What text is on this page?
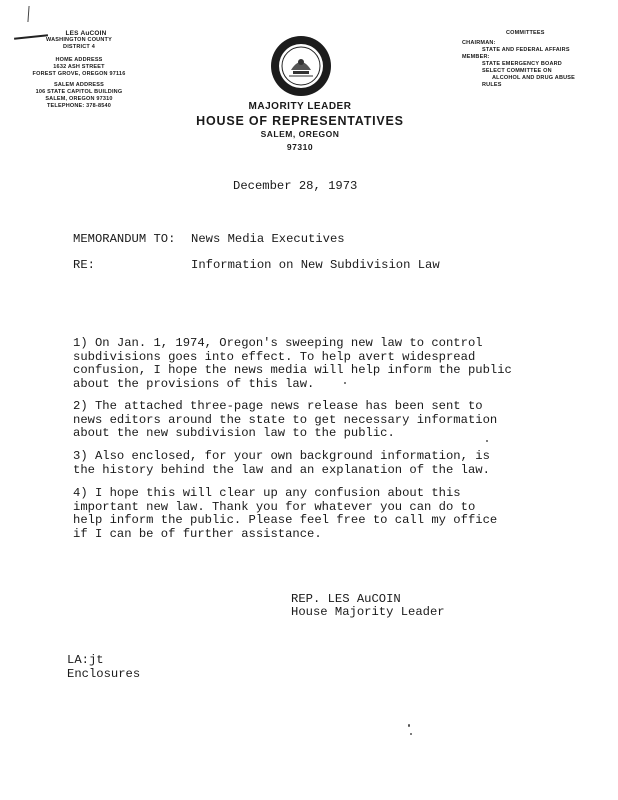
LES AuCOIN
WASHINGTON COUNTY
DISTRICT 4
HOME ADDRESS
1632 ASH STREET
FOREST GROVE, OREGON 97116
SALEM ADDRESS
106 STATE CAPITOL BUILDING
SALEM, OREGON 97310
TELEPHONE: 378-8540
COMMITTEES
CHAIRMAN:
STATE AND FEDERAL AFFAIRS
MEMBER:
STATE EMERGENCY BOARD
SELECT COMMITTEE ON
ALCOHOL AND DRUG ABUSE
RULES
MAJORITY LEADER
HOUSE OF REPRESENTATIVES
SALEM, OREGON
97310
December 28, 1973
MEMORANDUM TO: News Media Executives
RE:	Information on New Subdivision Law
1) On Jan. 1, 1974, Oregon's sweeping new law to control
subdivisions goes into effect. To help avert widespread
confusion, I hope the news media will help inform the public
about the provisions of this law.
2) The attached three-page news release has been sent to
news editors around the state to get necessary information
about the new subdivision law to the public.
3) Also enclosed, for your own background information, is
the history behind the law and an explanation of the law.
4) I hope this will clear up any confusion about this
important new law. Thank you for whatever you can do to
help inform the public. Please feel free to call my office
if I can be of further assistance.
REP. LES AuCOIN
House Majority Leader
LA:jt
Enclosures
